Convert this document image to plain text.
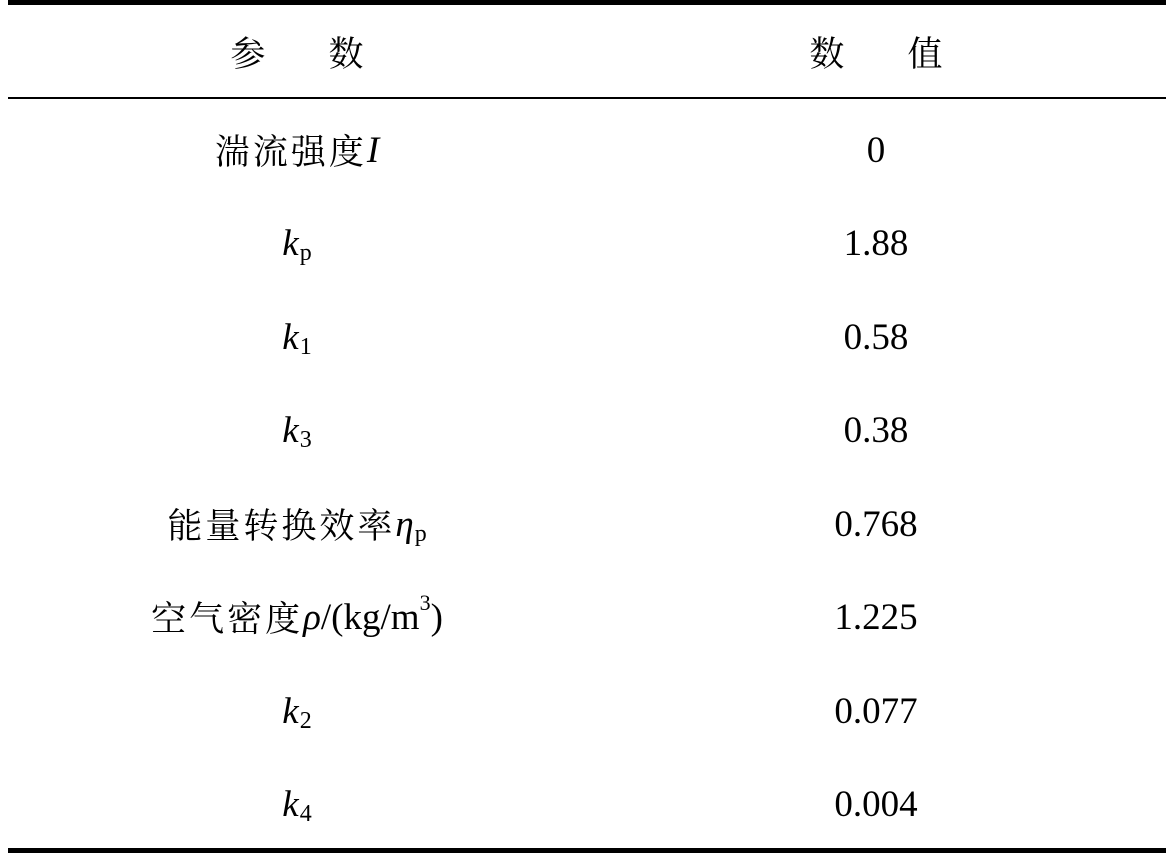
参 数	数 值
湍流强度 I	0
k p	1.88
k 1	0.58
k 3	0.38
能量转换效率 η p	0.768
空气密度 ρ /(kg/m 3 )	1.225
k 2	0.077
k 4	0.004
